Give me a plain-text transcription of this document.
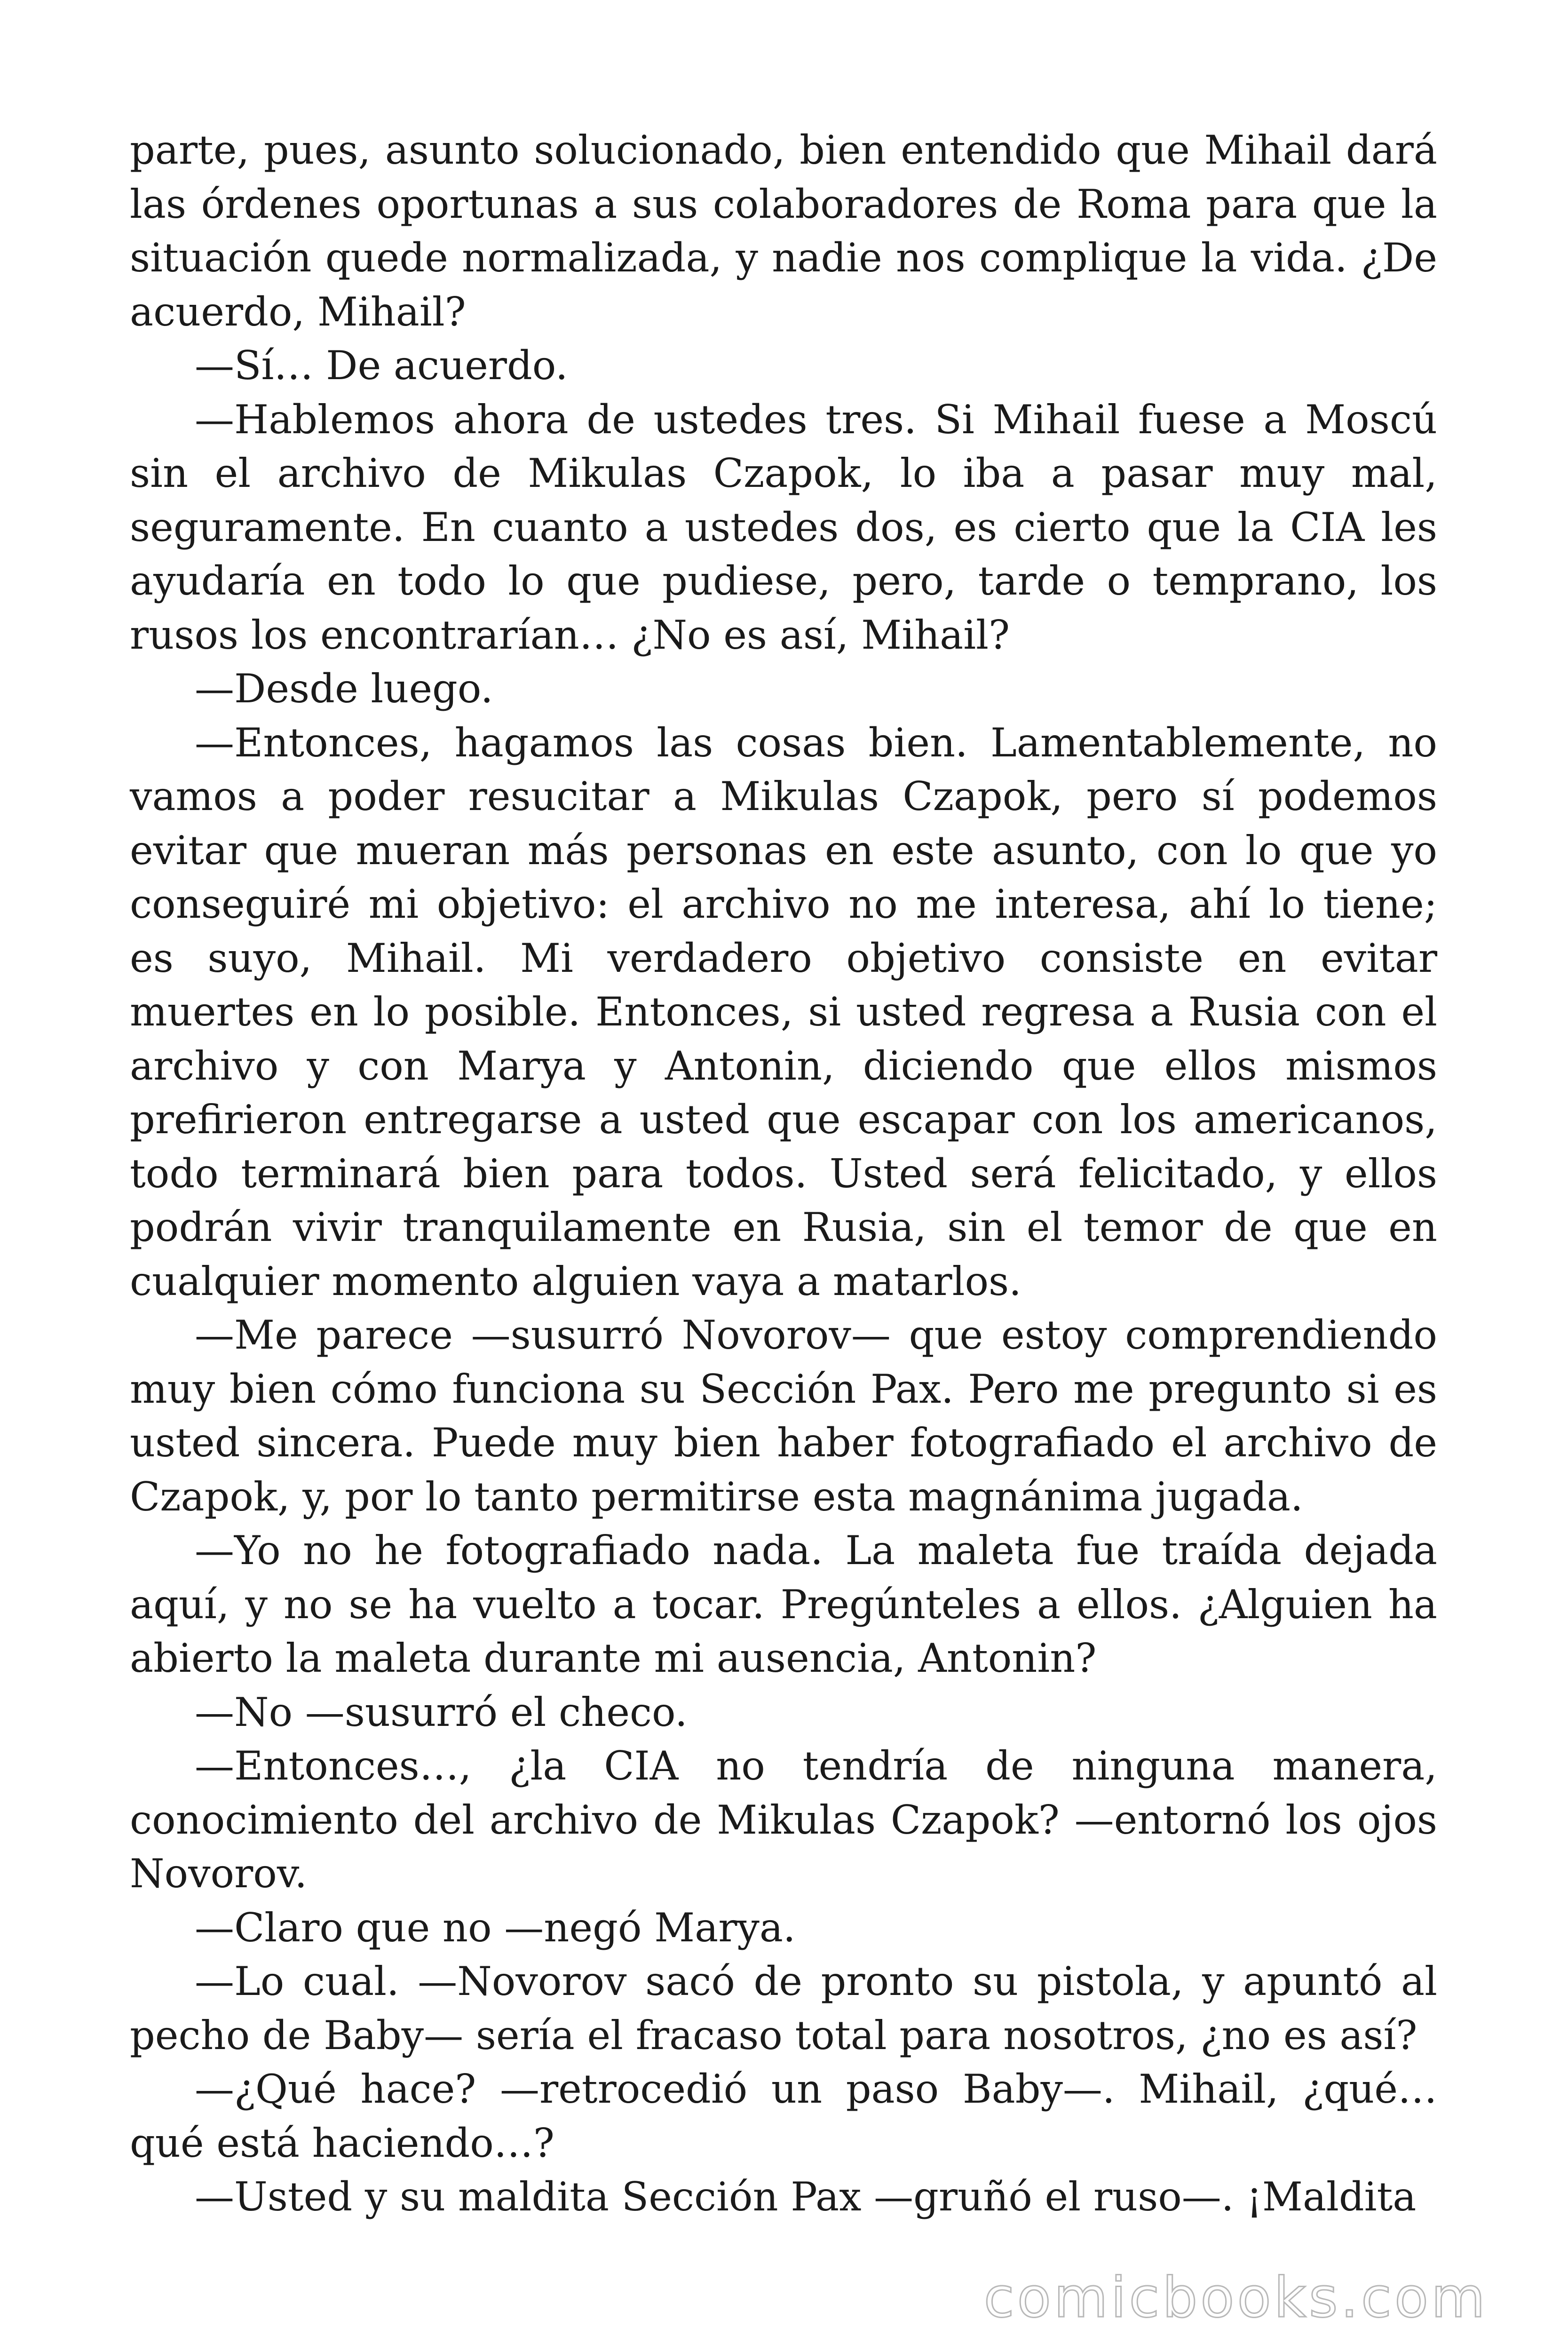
parte, pues, asunto solucionado, bien entendido que Mihail dará las órdenes oportunas a sus colaboradores de Roma para que la situación quede normalizada, y nadie nos complique la vida. ¿De acuerdo, Mihail?

—Sí… De acuerdo.

—Hablemos ahora de ustedes tres. Si Mihail fuese a Moscú sin el archivo de Mikulas Czapok, lo iba a pasar muy mal, seguramente. En cuanto a ustedes dos, es cierto que la CIA les ayudaría en todo lo que pudiese, pero, tarde o temprano, los rusos los encontrarían… ¿No es así, Mihail?

—Desde luego.

—Entonces, hagamos las cosas bien. Lamentablemente, no vamos a poder resucitar a Mikulas Czapok, pero sí podemos evitar que mueran más personas en este asunto, con lo que yo conseguiré mi objetivo: el archivo no me interesa, ahí lo tiene; es suyo, Mihail. Mi verdadero objetivo consiste en evitar muertes en lo posible. Entonces, si usted regresa a Rusia con el archivo y con Marya y Antonin, diciendo que ellos mismos prefirieron entregarse a usted que escapar con los americanos, todo terminará bien para todos. Usted será felicitado, y ellos podrán vivir tranquilamente en Rusia, sin el temor de que en cualquier momento alguien vaya a matarlos.

—Me parece —susurró Novorov— que estoy comprendiendo muy bien cómo funciona su Sección Pax. Pero me pregunto si es usted sincera. Puede muy bien haber fotografiado el archivo de Czapok, y, por lo tanto permitirse esta magnánima jugada.

—Yo no he fotografiado nada. La maleta fue traída dejada aquí, y no se ha vuelto a tocar. Pregúnteles a ellos. ¿Alguien ha abierto la maleta durante mi ausencia, Antonin?

—No —susurró el checo.

—Entonces…, ¿la CIA no tendría de ninguna manera, conocimiento del archivo de Mikulas Czapok? —entornó los ojos Novorov.

—Claro que no —negó Marya.

—Lo cual. —Novorov sacó de pronto su pistola, y apuntó al pecho de Baby— sería el fracaso total para nosotros, ¿no es así?

—¿Qué hace? —retrocedió un paso Baby—. Mihail, ¿qué… qué está haciendo…?

—Usted y su maldita Sección Pax —gruñó el ruso—. ¡Maldita

comicbooks.com
